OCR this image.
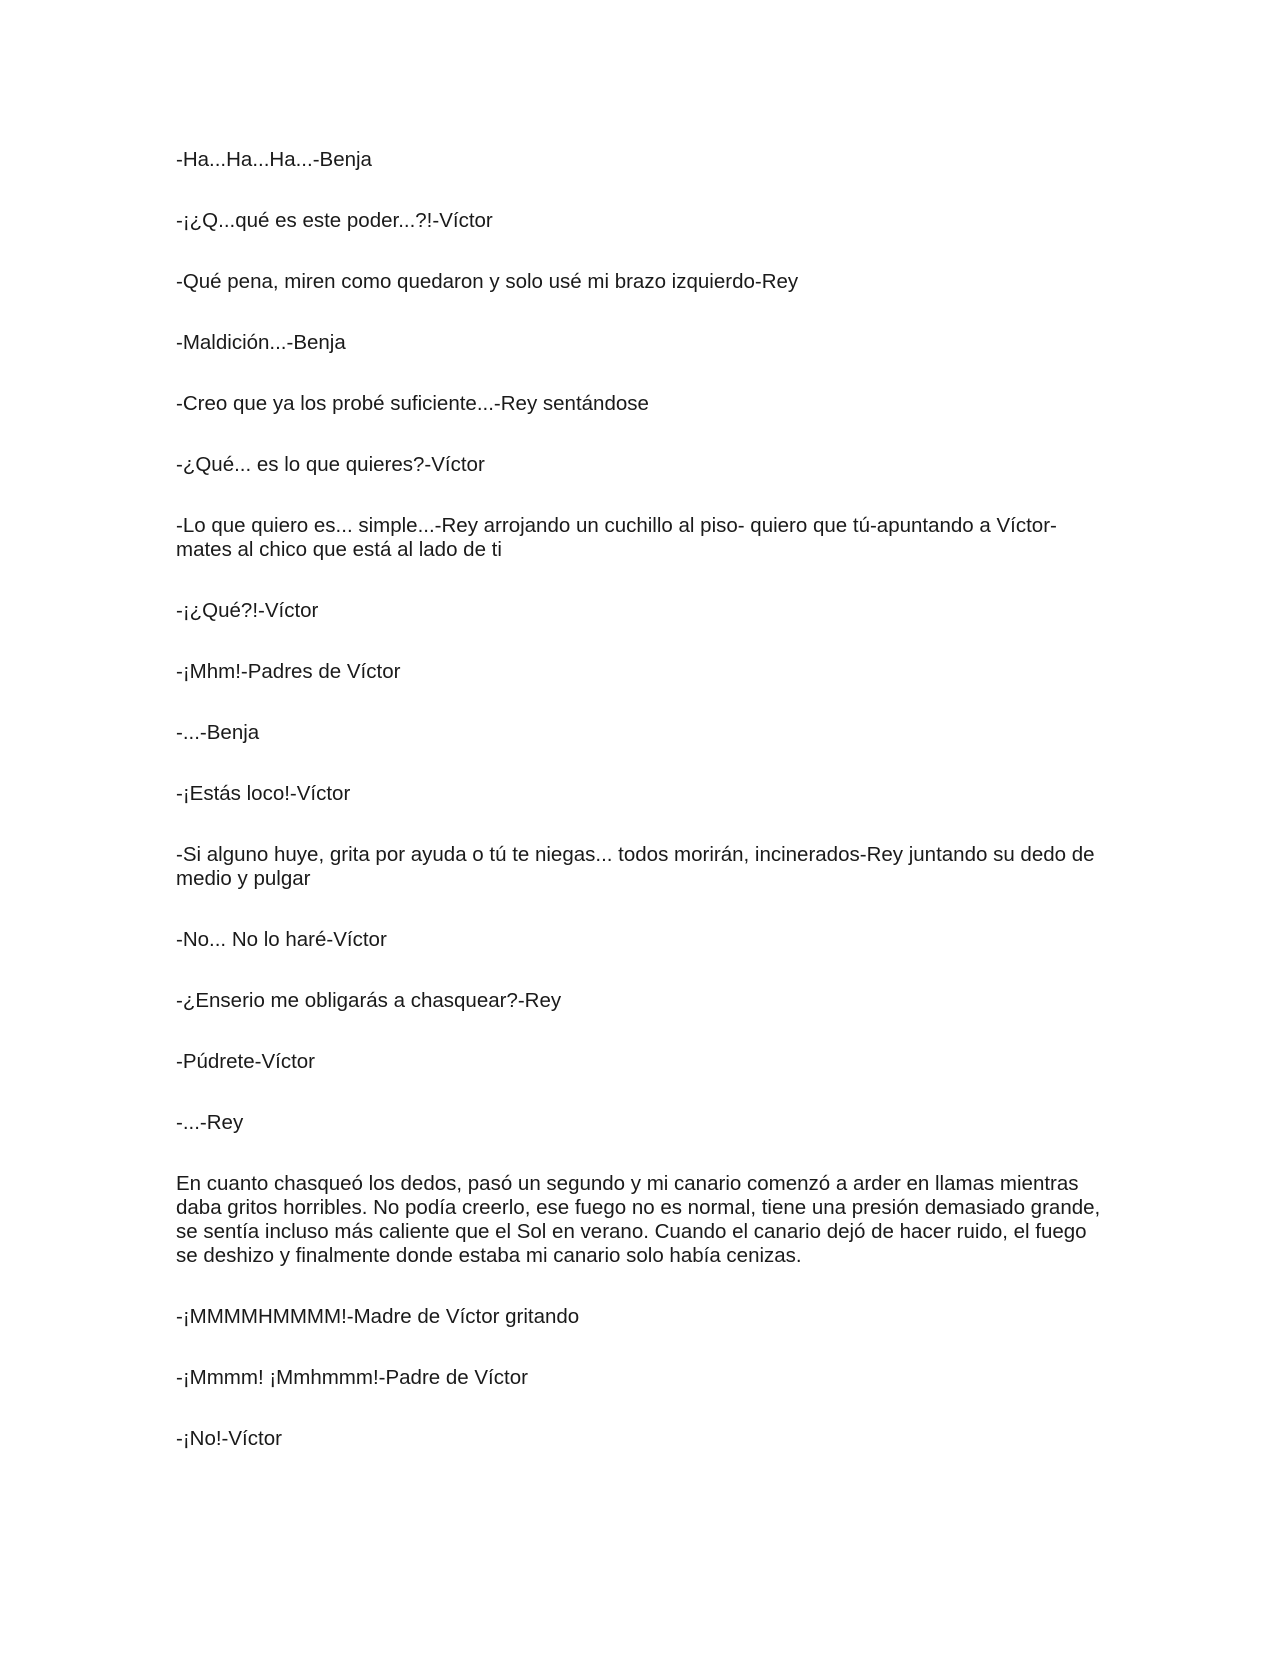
-Ha...Ha...Ha...-Benja

-¡¿Q...qué es este poder...?!-Víctor

-Qué pena, miren como quedaron y solo usé mi brazo izquierdo-Rey

-Maldición...-Benja

-Creo que ya los probé suficiente...-Rey sentándose

-¿Qué... es lo que quieres?-Víctor

-Lo que quiero es... simple...-Rey arrojando un cuchillo al piso- quiero que tú-apuntando a Víctor-mates al chico que está al lado de ti

-¡¿Qué?!-Víctor

-¡Mhm!-Padres de Víctor

-...-Benja

-¡Estás loco!-Víctor

-Si alguno huye, grita por ayuda o tú te niegas... todos morirán, incinerados-Rey juntando su dedo de medio y pulgar

-No... No lo haré-Víctor

-¿Enserio me obligarás a chasquear?-Rey

-Púdrete-Víctor

-...-Rey

En cuanto chasqueó los dedos, pasó un segundo y mi canario comenzó a arder en llamas mientras daba gritos horribles. No podía creerlo, ese fuego no es normal, tiene una presión demasiado grande, se sentía incluso más caliente que el Sol en verano. Cuando el canario dejó de hacer ruido, el fuego se deshizo y finalmente donde estaba mi canario solo había cenizas.

-¡MMMMHMMMM!-Madre de Víctor gritando

-¡Mmmm! ¡Mmhmmm!-Padre de Víctor

-¡No!-Víctor
